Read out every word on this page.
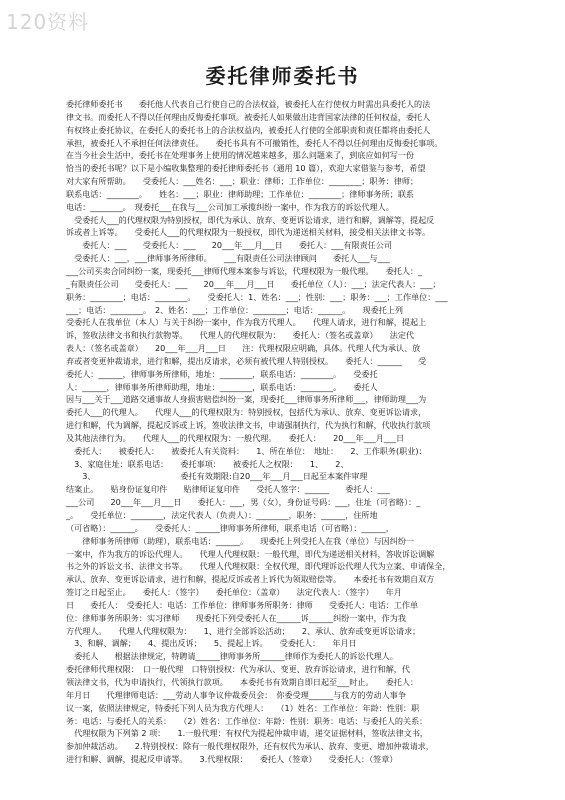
120资料
委托律师委托书
委托律师委托书　　委托他人代表自己行使自己的合法权益，被委托人在行使权力时需出具委托人的法
律文书。而委托人不得以任何理由反悔委托事项。被委托人如果做出违背国家法律的任何权益，委托人
有权终止委托协议，在委托人的委托书上的合法权益内，被委托人行使的全部职责和责任都将由委托人
承担，被委托人不承担任何法律责任。　　委托书具有不可撤销性，委托人不得以任何理由反悔委托事项。
在当今社会生活中，委托书在处理事务上使用的情况越来越多，那么问题来了，到底应如何写一份
恰当的委托书呢？以下是小编收集整理的委托律师委托书（通用 10 篇），欢迎大家借鉴与参考，希望
对大家有所帮助。　　受委托人：___姓名：___；职业：律师；工作单位：________；职务：律师；
联系电话：________。　　姓名：___；职业：律师助理；工作单位：________；律师事务所；联系
电话：________。　现委托___在我与___公司加工承揽纠纷一案中，作为我方的诉讼代理人。
　受委托人___的代理权限为特别授权，即代为承认、放弃、变更诉讼请求，进行和解，调解等，提起反
诉或者上诉等。　　受委托人___的代理权限为一般授权，即代为递送相关材料，接受相关法律文书等。
　　委托人：___　　受委托人：___　　20___年___月___日　　委托人：___有限责任公司
　受委托人：___，___律师事务所律师。　　___有限责任公司法律顾问　　委托人___与___
___公司买卖合同纠纷一案，现委托___律师代理本案参与诉讼，代理权限为一般代理。　　委托人：_
_有限责任公司　　受委托人：___　　20___年___月___日　　委托单位（人）：___；法定代表人：___；
职务：________；电话：________。　　受委托人：1、姓名：___；性别：___；职务：___；工作单位：___
___；电话：________。　2、姓名：___；工作单位：________；电话：______。　　现委托上列
受委托人在我单位（本人）与关于纠纷一案中，作为我方代理人。　　代理人请求，进行和解，提起上
诉，签收法律文书和执行款物等。　　代理人的代理权限为：　　委托人：（签名或盖章）　　法定代
表人：（签名或盖章）　　20___年___月___日　　注：代理权限应明确，具体。代理人代为承认、放
弃或者变更仲裁请求，进行和解，提出反请求，必须有被代理人特别授权。　　委托人：______　　受
委托人：______，律师事务所律师，地址：________，联系电话：________。　　受委托
人：______，律师事务所律师助理，地址：________，联系电话：________。　　委托人
因与___关于___道路交通事故人身损害赔偿纠纷一案，现委托___律师事务所律师___，律师助理___为
委托人___的代理人。　　代理人___的代理权限为：特别授权，包括代为承认、放弃、变更诉讼请求，
进行和解，代为调解，提起反诉或上诉，签收法律文书，申请强制执行，代为执行和解，代收执行款项
及其他法律行为。　　代理人___的代理权限为：一般代理。　　委托人：　　20___年___月___日
　委托人：　　被委托人：　　被委托人有关资料：　　1、所在单位：　地址：　　2、工作职务(职业)：
　3、家庭住址：联系电话：　　委托事项：　　被委托人之权限：　　1、　　2、
　　3、　　　　　　　　　　　委托有效期限:自20___年___月___日起至本案件审理
结案止。　　贴身份证复印件　　贴律师证复印件　　受托人签字：______　　委托人：___
___公司　　20___年___月___日　　委托人：___，男（女），身份证号码：___，住址（可省略）：_
_。　　受托单位：________，法定代表人（负责人）：________，职务：______，住所地
（可省略）：______。　　受委托人：______律师事务所律师，联系电话（可省略）：______，
　　律师事务所律师（助理），联系电话：______。　　现委托上列受托人在我（单位）与因纠纷一
一案中，作为我方的诉讼代理人。　　代理人代理权限：一般代理，即代为递送相关材料，答收诉讼调解
书之外的诉讼文书、法律文书等。　　代理人代理权限：全权代理，即代理诉讼代理人代为立案、申请保全，
承认、放弃、变更诉讼请求，进行和解，提起反诉或者上诉代为领取赔偿等。　　本委托书有效期自双方
签订之日起至止。　　委托人：（签字）　　委托单位：（盖章）　　法定代表人：（签字）　　年月
日　　委托人：　受委托人：电话：工作单位：律师事务所职务：律师　　受委托人：电话：工作单
位：律师事务所职务：实习律师　　现委托下列受委托人在______诉______纠纷一案中，作为我
方代理人。　　代理人代理权限为：　　1、进行全部诉讼活动；　　2、承认、放弃或变更诉讼请求；
　3、和解、调解；　　4、提出反诉；　　5、提起上诉。　　受委托人：　　年月日
　委托人　　根据法律规定，特聘请______律师事务所______律师作为委托人的诉讼代理人。
委托律师代理权限：　口一般代理　口特别授权：代为承认、变更、放弃诉讼请求，进行和解，代
领法律文书，代为申请执行，代领执行款项。　　本委托书有效期自即日起至___时止。　　委托人：
年月日　　代理律师电话：___劳动人事争议仲裁委员会：　你委受理______与我方的劳动人事争
议一案，依照法律规定，特委托下列人员为我方代理人：　　（1）姓名：工作单位：年龄：性别：职
务：电话：与委托人的关系：　　（2）姓名：工作单位：年龄：性别：职务：电话：与委托人的关系：
　代理权限为下列第 2 项：　　1.一般代理：有权代为提起仲裁申请，递交证据材料，签收法律文书，
参加仲裁活动。　　2.特别授权：除有一般代理权限外，还有权代为承认、放弃、变更、增加仲裁请求，
进行和解、调解，提起反申请等。　　3.代理权限：　　委托人（签章）　　受委托人：（签章）
